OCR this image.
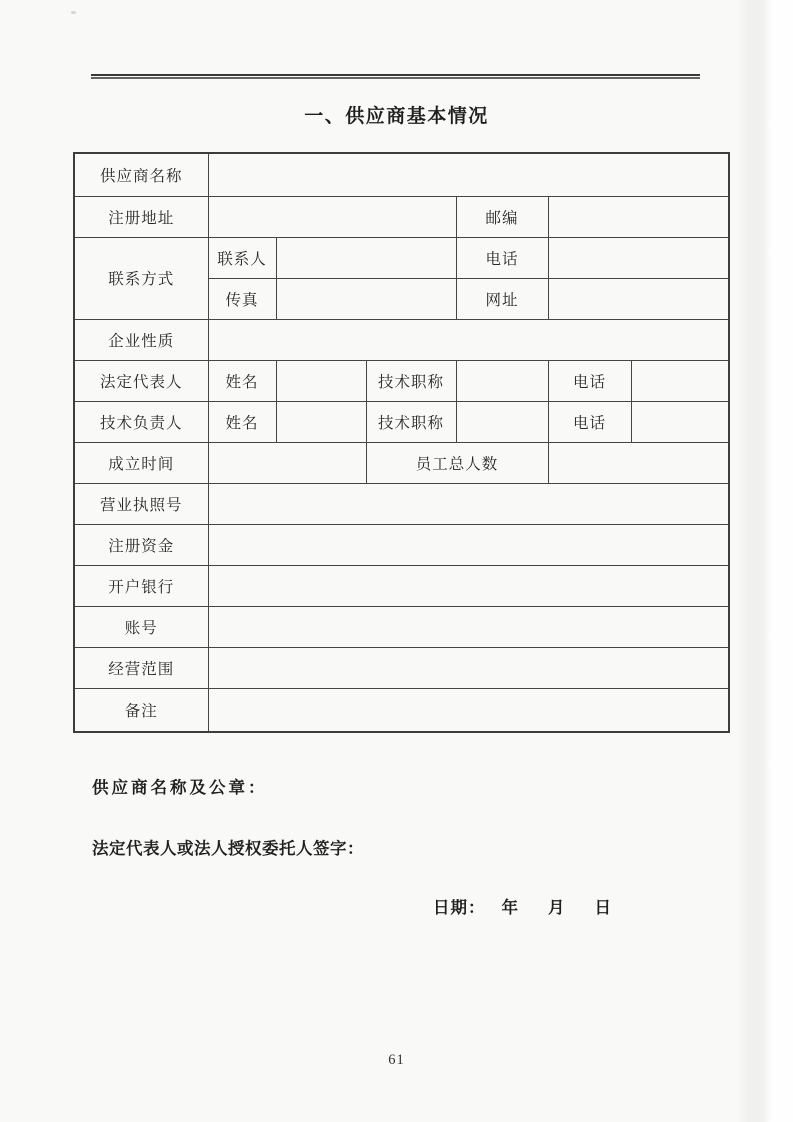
一、供应商基本情况
供应商名称						
注册地址				邮编		
联系方式	联系人			电话		
	传真			网址		
企业性质						
法定代表人	姓名		技术职称		电话	
技术负责人	姓名		技术职称		电话	
成立时间			员工总人数			
营业执照号						
注册资金						
开户银行						
账号						
经营范围						
备注						
供应商名称及公章：
法定代表人或法人授权委托人签字：
日期： 年 月 日
61
